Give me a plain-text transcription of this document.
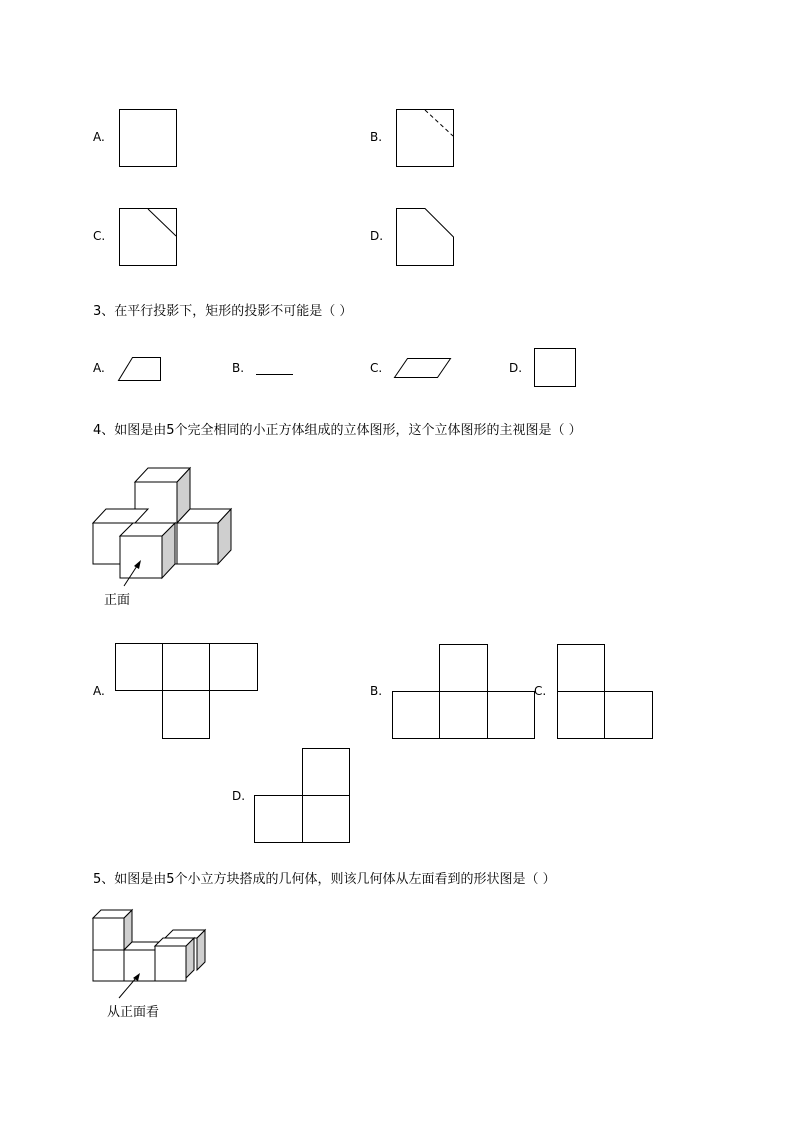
A.	B.
C.	D.
3、在平行投影下，矩形的投影不可能是（ ）
A.	B.	C.	D.
4、如图是由5个完全相同的小正方体组成的立体图形，这个立体图形的主视图是（ ）
正面
A.	B.	C.
D.
5、如图是由5个小立方块搭成的几何体，则该几何体从左面看到的形状图是（ ）
从正面看
